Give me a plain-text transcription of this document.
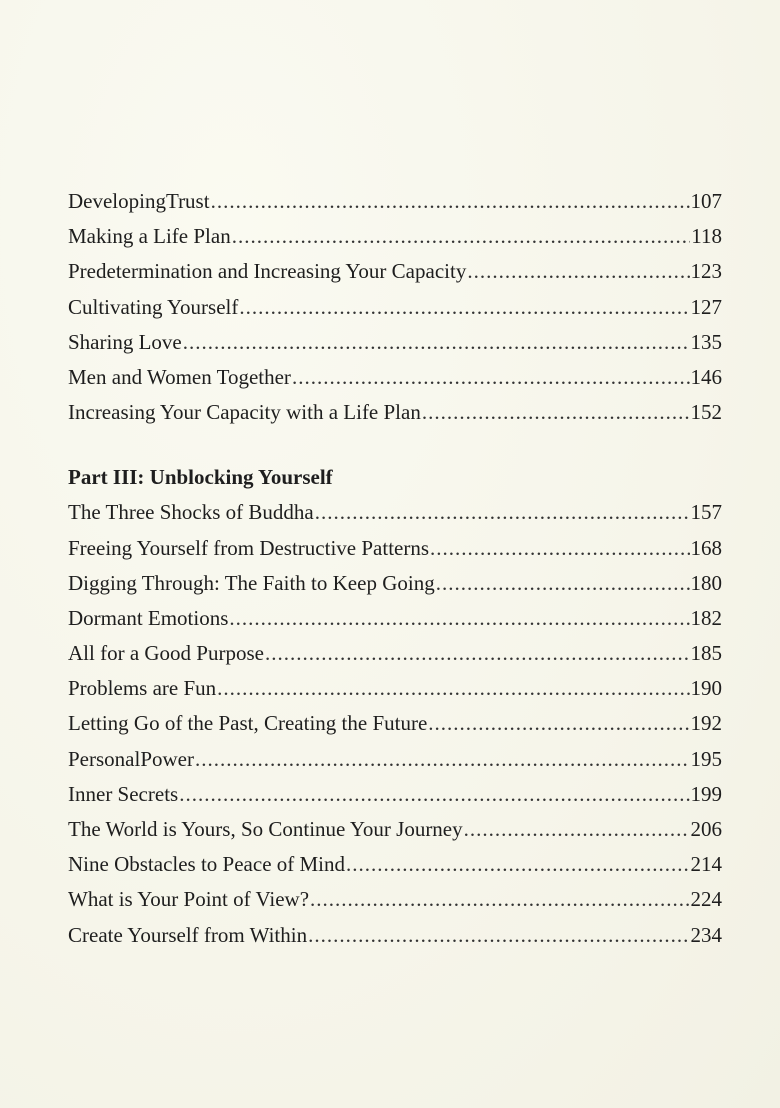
DevelopingTrust .....	107
Making a Life Plan .....	118
Predetermination and Increasing Your Capacity .....	123
Cultivating Yourself .....	127
Sharing Love .....	135
Men and Women Together .....	146
Increasing Your Capacity with a Life Plan .....	152
Part III: Unblocking Yourself
The Three Shocks of Buddha .....	157
Freeing Yourself from Destructive Patterns .....	168
Digging Through: The Faith to Keep Going .....	180
Dormant Emotions .....	182
All for a Good Purpose .....	185
Problems are Fun .....	190
Letting Go of the Past, Creating the Future .....	192
PersonalPower .....	195
Inner Secrets .....	199
The World is Yours, So Continue Your Journey .....	206
Nine Obstacles to Peace of Mind .....	214
What is Your Point of View? .....	224
Create Yourself from Within .....	234
